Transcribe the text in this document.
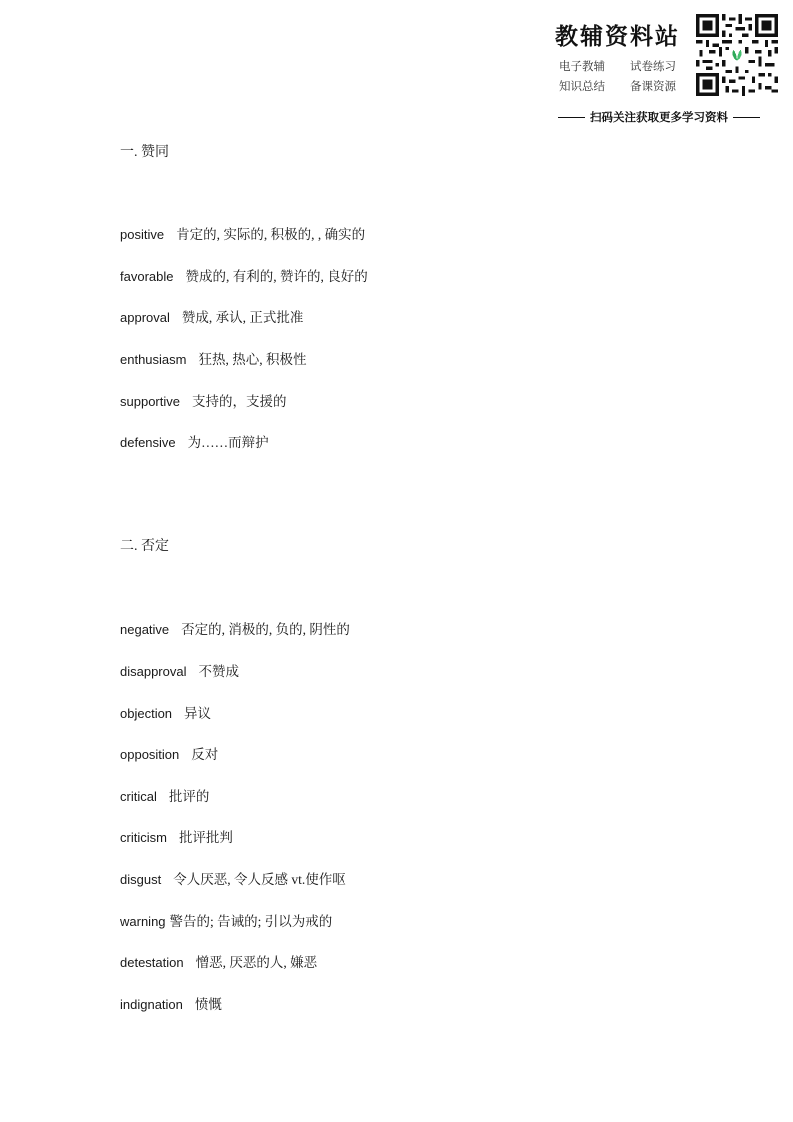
教辅资料站
电子教辅 试卷练习
知识总结 备课资源
扫码关注获取更多学习资料
一. 赞同
positive 肯定的, 实际的, 积极的, , 确实的
favorable 赞成的, 有利的, 赞许的, 良好的
approval 赞成, 承认, 正式批准
enthusiasm 狂热, 热心, 积极性
supportive 支持的，支援的
defensive 为……而辩护
二. 否定
negative 否定的, 消极的, 负的, 阴性的
disapproval 不赞成
objection 异议
opposition 反对
critical 批评的
criticism 批评批判
disgust 令人厌恶, 令人反感 vt.使作呕
warning 警告的; 告诫的; 引以为戒的
detestation 憎恶, 厌恶的人, 嫌恶
indignation 愤慨
